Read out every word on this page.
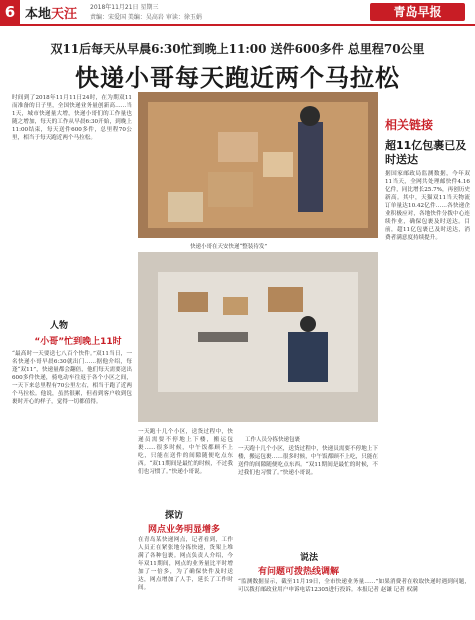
6 本地天汪 2018年11月21日 星期三
责编：宋爱国 美编：吴高岩 审读：徐玉娟	青岛早报
双11后每天从早晨6:30忙到晚上11:00 送件600多件 总里程70公里
快递小哥每天跑近两个马拉松
时间到了2018年11月11日24时，在为期双11而准备的日子里，全国快递业务量创新高……当1天，城市快递量大增，快递小哥们的工作量也随之增加，每天的工作从早晨6:30开始，到晚上11:00结束，每天送件600多件，总里程70公里，相当于每天跑近两个马拉松。
快递小哥在天安快递“整装待发”
相关链接
超11亿包裹已及时送达
据国家邮政局监测数据，今年双11当天，全网共处理邮快件4.16亿件，同比增长25.7%，再创历史新高。其中，天猫双11当天物流订单量达10.42亿件……各快递企业积极应对，各地快件分拨中心连续作业，确保包裹及时送达。目前，超11亿包裹已及时送达，消费者满意度持续提升。
人物
“小哥”忙到晚上11时
“最高时一天要送七八百个快件。”双11当日，一名快递小哥早晨6:30就出门……据他介绍，每逢“双11”，快递量都会翻倍，他们每天需要送出600多件快递，骑电动车往返于各个小区之间，一天下来总里程有70公里左右，相当于跑了近两个马拉松。他说，虽然很累，但看到客户收到包裹时开心的样子，觉得一切都值得。
工作人员分拣快递包裹
一天跑十几个小区，送货过程中，快递员需要不停地上下楼，搬运包裹……很多时候，中午饭都顾不上吃，只能在送件的间隙随便吃点东西。“双11期间是最忙的时候，不过我们也习惯了。”快递小哥说。
探访
网点业务明显增多
在青岛某快递网点，记者看到，工作人员正在紧张地分拣快递，货架上堆满了各种包裹。网点负责人介绍，今年双11期间，网点的业务量比平时增加了一倍多，为了确保快件及时送达，网点增加了人手，延长了工作时间。
一天跑十几个小区，送货过程中，快递员需要不停地上下楼，搬运包裹……很多时候，中午饭都顾不上吃，只能在送件的间隙随便吃点东西。“双11期间是最忙的时候，不过我们也习惯了。”快递小哥说。
说法
有问题可拨热线调解
“监测数据显示，截至11月19日，全市快递业务量……”如果消费者在收取快递时遇到问题，可以拨打邮政业用户申诉电话12305进行投诉。本报记者 赵谦 记者 权满
